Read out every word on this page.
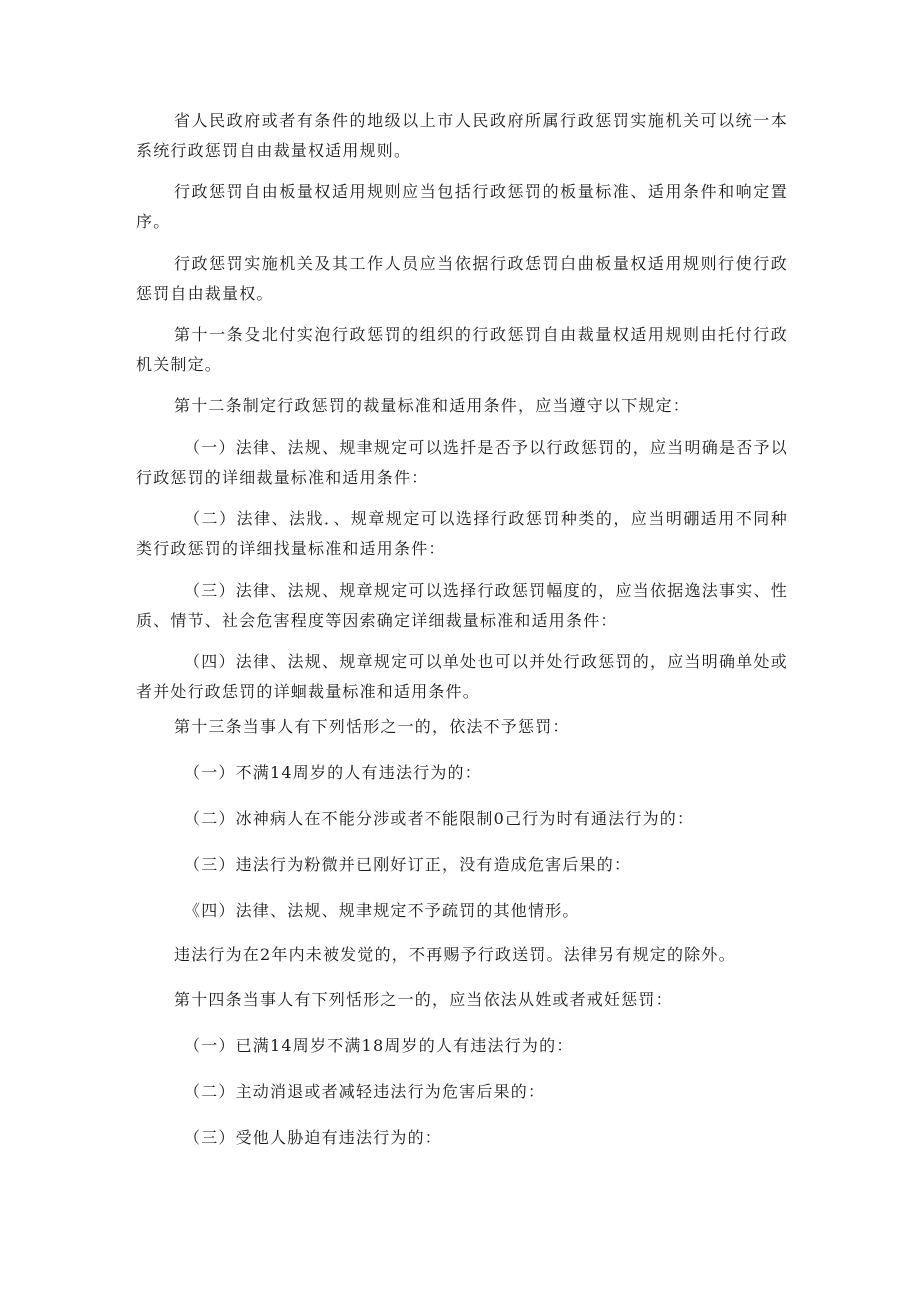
省人民政府或者有条件的地级以上市人民政府所属行政惩罚实施机关可以统一本系统行政惩罚自由裁量权适用规则。

行政惩罚自由板量权适用规则应当包括行政惩罚的板量标准、适用条件和响定置序。

行政惩罚实施机关及其工作人员应当依据行政恁罚白曲板量权适用规则行使行政惩罚自由裁量权。

第十一条殳北付实泡行政惩罚的组织的行政惩罚自由裁量权适用规则由托付行政机关制定。

第十二条制定行政惩罚的裁量标准和适用条件，应当遵守以下规定：

（一）法律、法规、规聿规定可以选扦是否予以行政惩罚的，应当明确是否予以行政惩罚的详细裁量标准和适用条件：

（二）法律、法戕．、规章规定可以选择行政惩罚种类的，应当明硼适用不同种类行政惩罚的详细找量标准和适用条件：

（三）法律、法规、规章规定可以选择行政惩罚幅度的，应当依据逸法事实、性质、情节、社会危害程度等因索确定详细裁量标准和适用条件：

（四）法律、法规、规章规定可以单处也可以并处行政惩罚的，应当明确单处或者并处行政恁罚的详蛔裁量标准和适用条件。

第十三条当事人有下列恬形之一的，依法不予惩罚：

（一）不满14周岁的人有违法行为的：

（二）冰神病人在不能分涉或者不能限制0己行为时有通法行为的：

（三）违法行为粉微并已刚好订正，没有造成危害后果的：

《四）法律、法规、规聿规定不予疏罚的其他情形。

违法行为在2年内未被发觉的，不再赐予行政送罚。法律另有规定的除外。

第十四条当事人有下列恬形之一的，应当依法从姓或者戒妊惩罚：

（一）已满14周岁不满18周岁的人有违法行为的：

（二）主动消退或者减轻违法行为危害后果的：

（三）受他人胁迫有违法行为的：
